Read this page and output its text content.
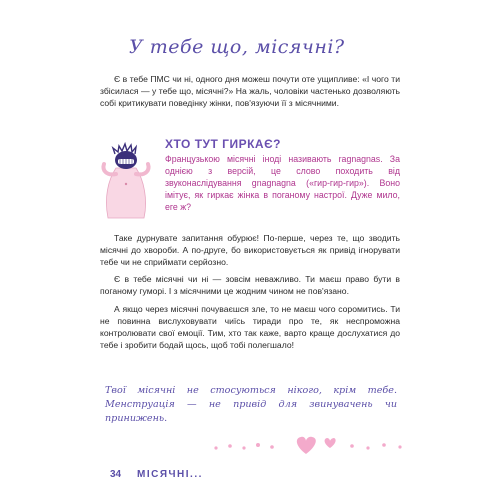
У тебе що, місячні?

Є в тебе ПМС чи ні, одного дня можеш почути оте ущипливе: «І чого ти збісилася — у тебе що, місячні?» На жаль, чоловіки частенько дозволяють собі критикувати поведінку жінки, пов'язуючи її з місячними.

ХТО ТУТ ГИРКАЄ?

Французькою місячні іноді називають ragnagnas. За однією з версій, це слово походить від звуконаслідування gnagnagna («гир-гир-гир»). Воно імітує, як гиркає жінка в поганому настрої. Дуже мило, еге ж?

Таке дурнувате запитання обурює! По-перше, через те, що зводить місячні до хвороби. А по-друге, бо використовується як привід ігнорувати тебе чи не сприймати серйозно.

Є в тебе місячні чи ні — зовсім неважливо. Ти маєш право бути в поганому гуморі. І з місячними це жодним чином не пов'язано.

А якщо через місячні почуваєшся зле, то не маєш чого соромитись. Ти не повинна вислуховувати чиїсь тиради про те, як неспроможна контролювати свої емоції. Тим, хто так каже, варто краще дослухатися до тебе і зробити бодай щось, щоб тобі полегшало!

Твої місячні не стосуються нікого, крім тебе. Менструація — не привід для звинувачень чи принижень.

34 МІСЯЧНІ...
